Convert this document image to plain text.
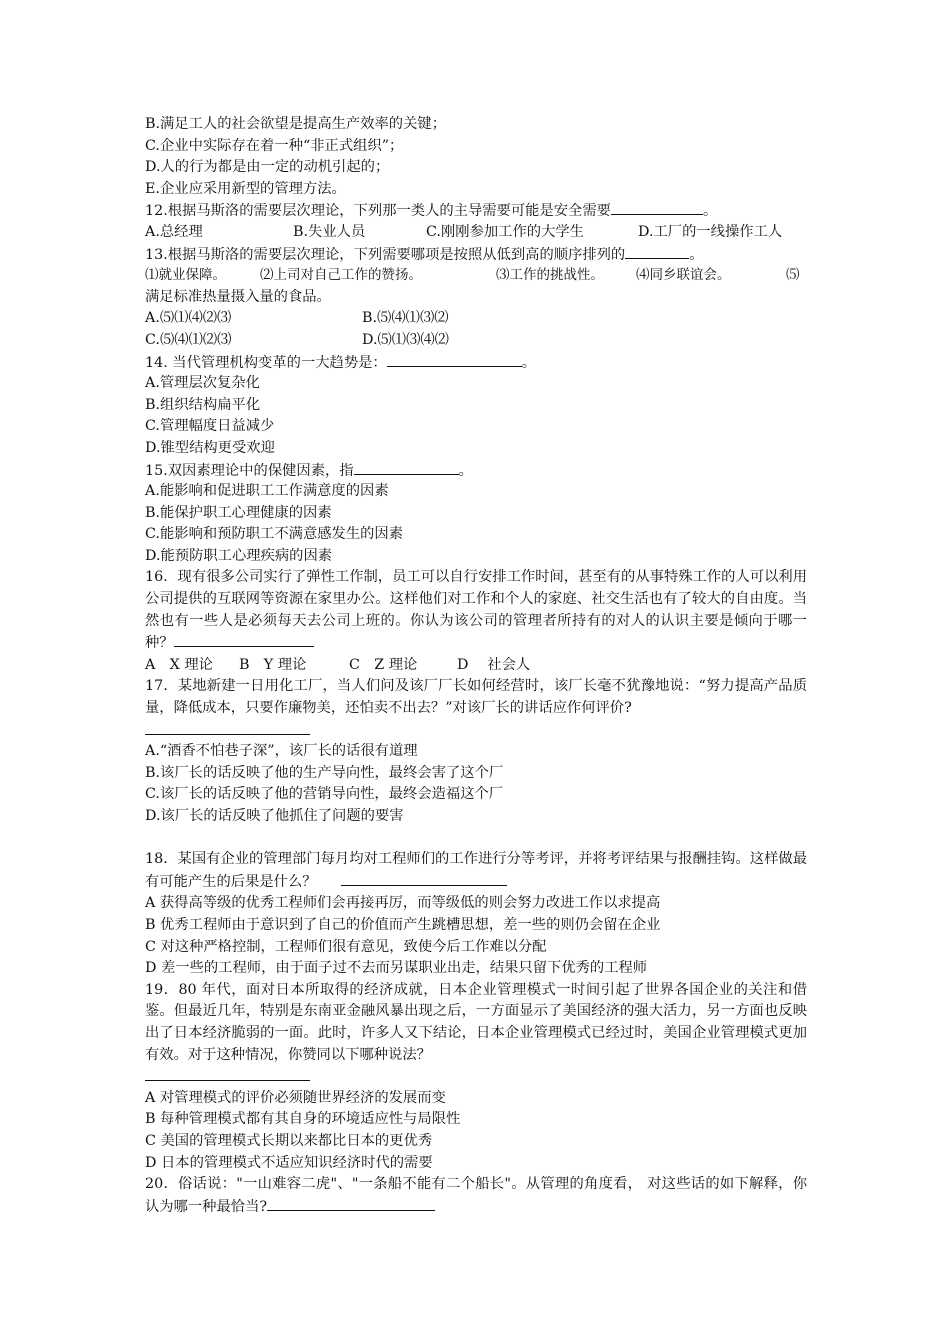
B.满足工人的社会欲望是提高生产效率的关键；
C.企业中实际存在着一种“非正式组织”；
D.人的行为都是由一定的动机引起的；
E.企业应采用新型的管理方法。
12.根据马斯洛的需要层次理论，下列那一类人的主导需要可能是安全需要	。
A.总经理	B.失业人员	C.刚刚参加工作的大学生	D.工厂的一线操作工人
13.根据马斯洛的需要层次理论，下列需要哪项是按照从低到高的顺序排列的	。
⑴就业保障。	⑵上司对自己工作的赞扬。	⑶工作的挑战性。 ⑷同乡联谊会。	⑸
满足标准热量摄入量的食品。
A.⑸⑴⑷⑵⑶	B.⑸⑷⑴⑶⑵
C.⑸⑷⑴⑵⑶	D.⑸⑴⑶⑷⑵
14. 当代管理机构变革的一大趋势是：	。
A.管理层次复杂化
B.组织结构扁平化
C.管理幅度日益减少
D.锥型结构更受欢迎
15.双因素理论中的保健因素，指	。
A.能影响和促进职工工作满意度的因素
B.能保护职工心理健康的因素
C.能影响和预防职工不满意感发生的因素
D.能预防职工心理疾病的因素
16．现有很多公司实行了弹性工作制，员工可以自行安排工作时间，甚至有的从事特殊工作的人可以利用公司提供的互联网等资源在家里办公。这样他们对工作和个人的家庭、社交生活也有了较大的自由度。当然也有一些人是必须每天去公司上班的。你认为该公司的管理者所持有的对人的认识主要是倾向于哪一种？
A　X 理论 B　Y 理论	C　Z 理论	D　 社会人
17．某地新建一日用化工厂，当人们问及该厂厂长如何经营时，该厂长毫不犹豫地说：“努力提高产品质量，降低成本，只要作廉物美，还怕卖不出去？”对该厂长的讲话应作何评价?
A.“酒香不怕巷子深”，该厂长的话很有道理
B.该厂长的话反映了他的生产导向性，最终会害了这个厂
C.该厂长的话反映了他的营销导向性，最终会造福这个厂
D.该厂长的话反映了他抓住了问题的要害
18．某国有企业的管理部门每月均对工程师们的工作进行分等考评，并将考评结果与报酬挂钩。这样做最有可能产生的后果是什么？
A 获得高等级的优秀工程师们会再接再厉，而等级低的则会努力改进工作以求提高
B 优秀工程师由于意识到了自己的价值而产生跳槽思想，差一些的则仍会留在企业
C 对这种严格控制，工程师们很有意见，致使今后工作难以分配
D 差一些的工程师，由于面子过不去而另谋职业出走，结果只留下优秀的工程师
19．80 年代，面对日本所取得的经济成就，日本企业管理模式一时间引起了世界各国企业的关注和借鉴。但最近几年，特别是东南亚金融风暴出现之后，一方面显示了美国经济的强大活力，另一方面也反映出了日本经济脆弱的一面。此时，许多人又下结论，日本企业管理模式已经过时，美国企业管理模式更加有效。对于这种情况，你赞同以下哪种说法？
A 对管理模式的评价必须随世界经济的发展而变
B 每种管理模式都有其自身的环境适应性与局限性
C 美国的管理模式长期以来都比日本的更优秀
D 日本的管理模式不适应知识经济时代的需要
20．俗话说："一山难容二虎"、"一条船不能有二个船长"。从管理的角度看， 对这些话的如下解释，你认为哪一种最恰当?
